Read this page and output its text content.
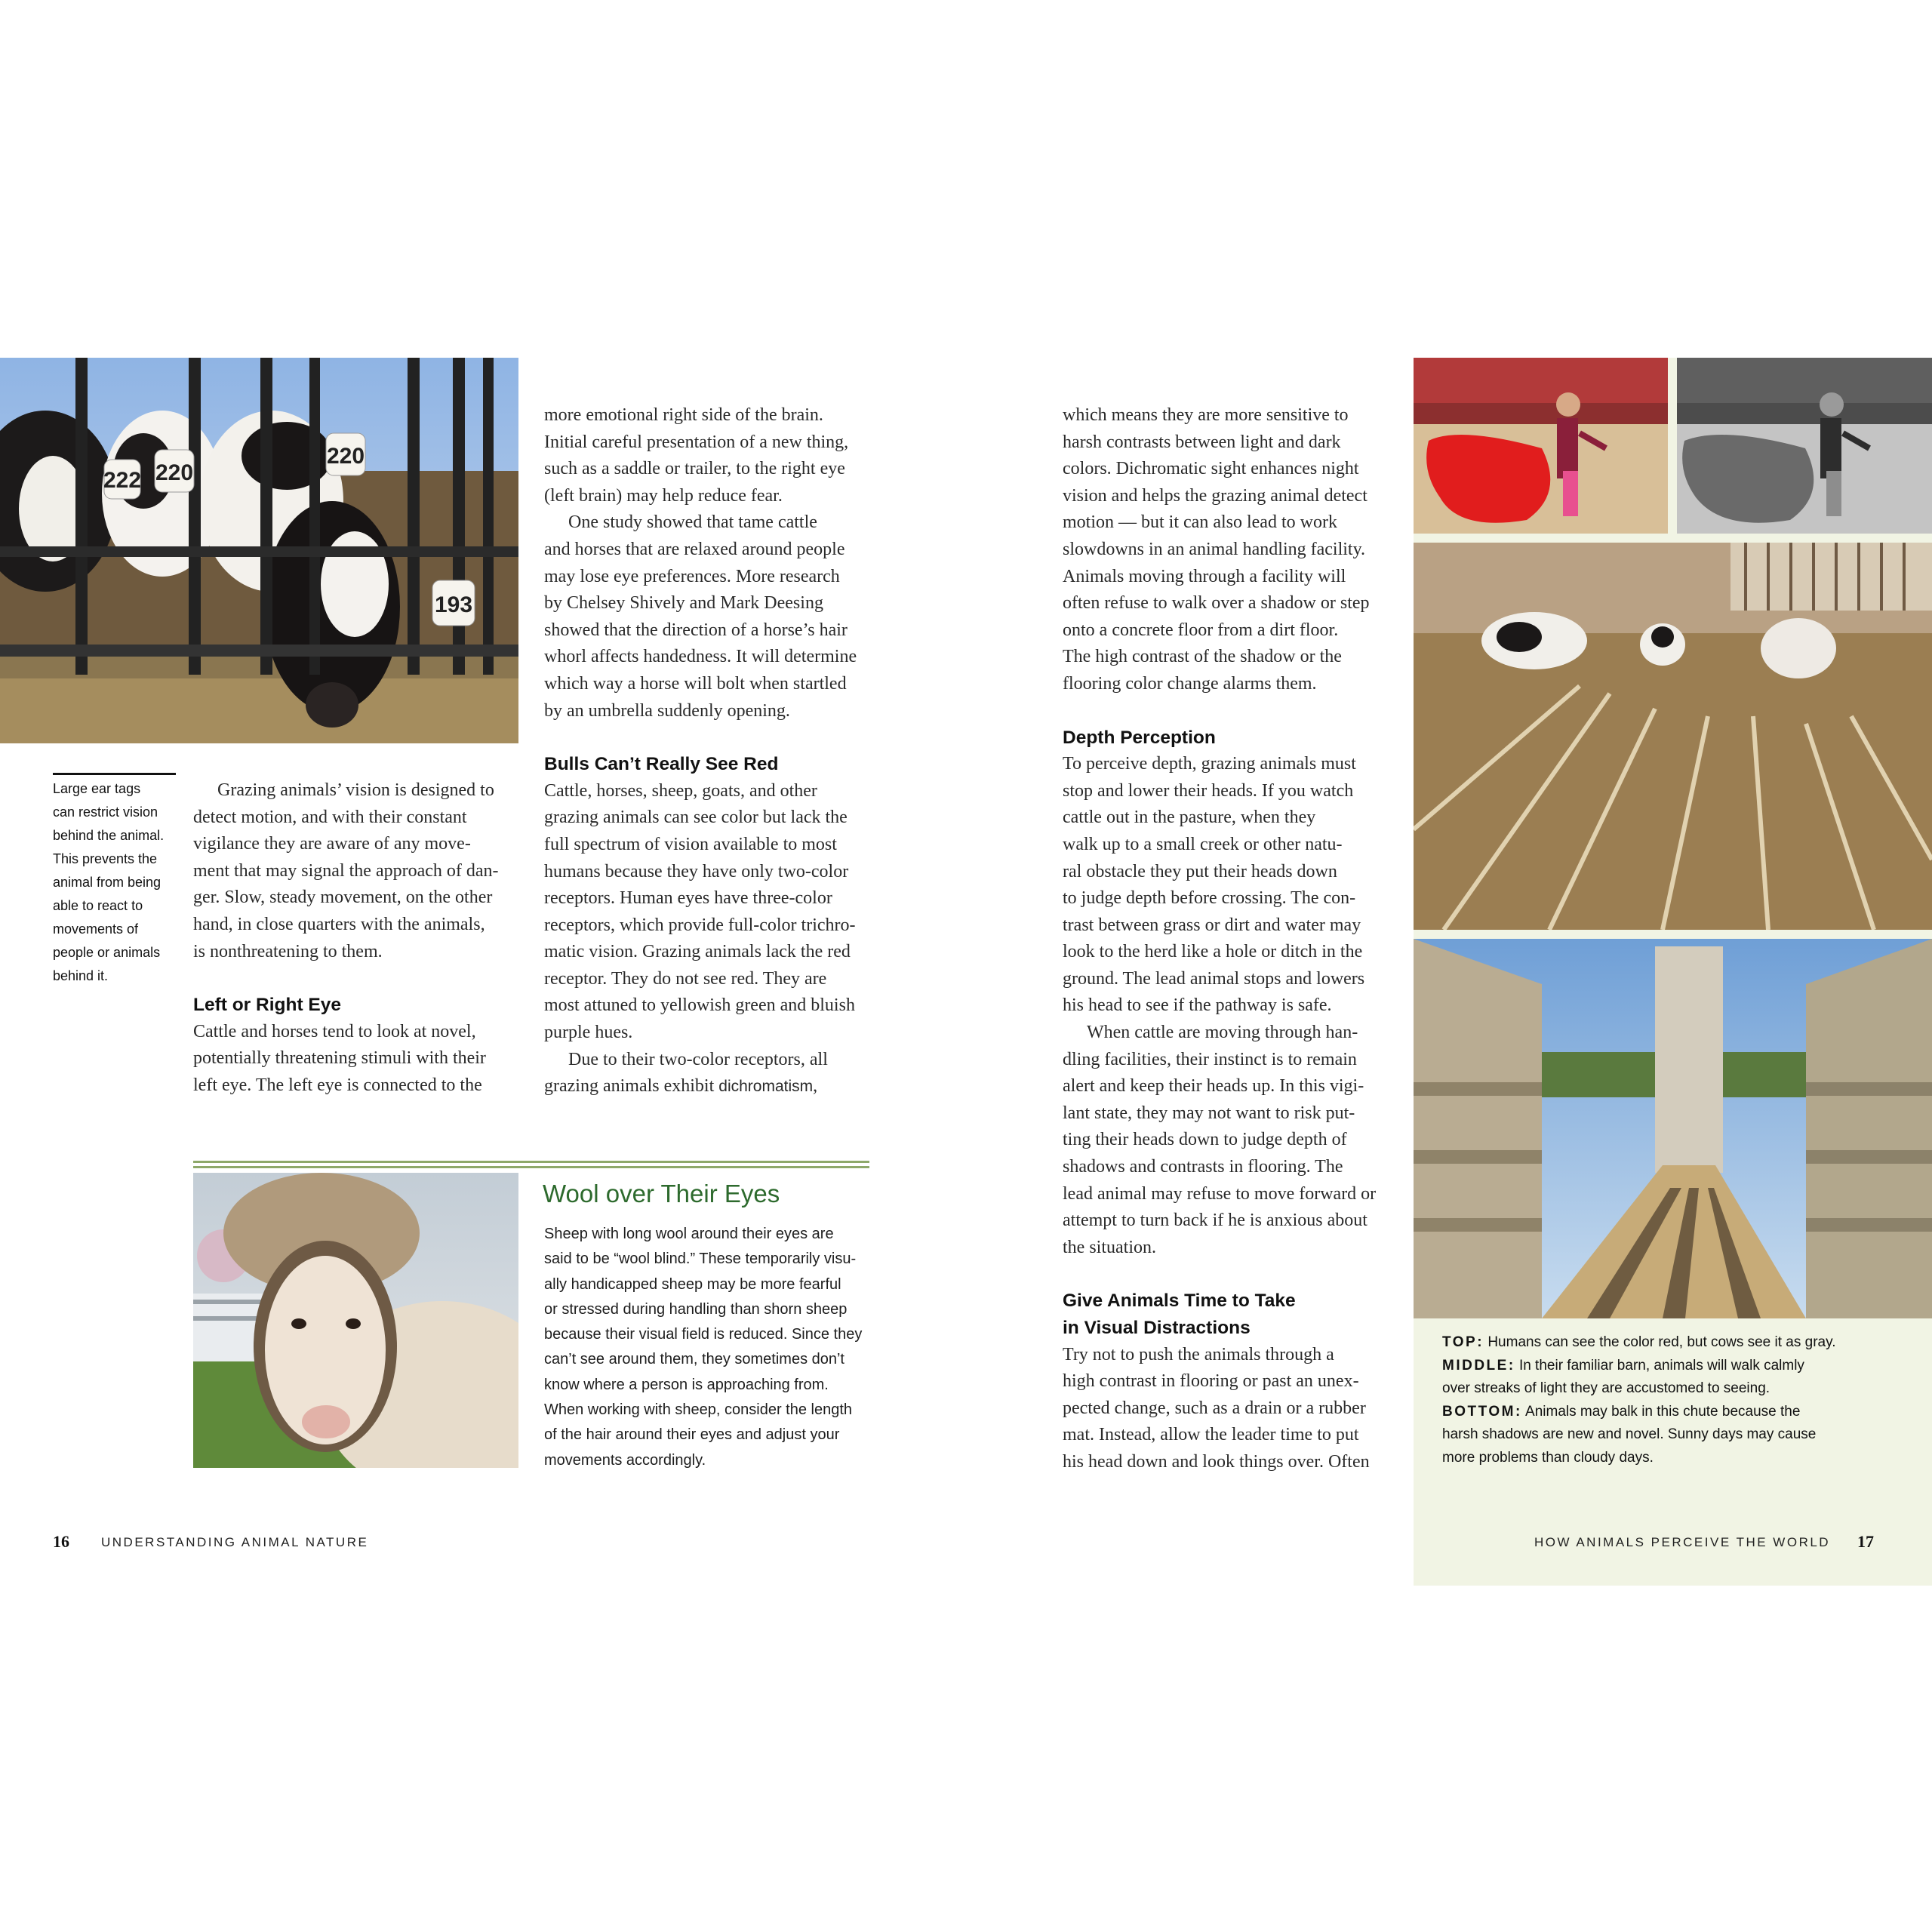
222 220
220
193
Large ear tags
can restrict vision
behind the animal.
This prevents the
animal from being
able to react to
movements of
people or animals
behind it.
Grazing animals’ vision is designed to
detect motion, and with their constant
vigilance they are aware of any move-
ment that may signal the approach of dan-
ger. Slow, steady movement, on the other
hand, in close quarters with the animals,
is nonthreatening to them.
Left or Right Eye
Cattle and horses tend to look at novel,
potentially threatening stimuli with their
left eye. The left eye is connected to the
more emotional right side of the brain.
Initial careful presentation of a new thing,
such as a saddle or trailer, to the right eye
(left brain) may help reduce fear.
One study showed that tame cattle
and horses that are relaxed around people
may lose eye preferences. More research
by Chelsey Shively and Mark Deesing
showed that the direction of a horse’s hair
whorl affects handedness. It will determine
which way a horse will bolt when startled
by an umbrella suddenly opening.
Bulls Can’t Really See Red
Cattle, horses, sheep, goats, and other
grazing animals can see color but lack the
full spectrum of vision available to most
humans because they have only two-color
receptors. Human eyes have three-color
receptors, which provide full-color trichro-
matic vision. Grazing animals lack the red
receptor. They do not see red. They are
most attuned to yellowish green and bluish
purple hues.
Due to their two-color receptors, all
grazing animals exhibit dichromatism,
Wool over Their Eyes
Sheep with long wool around their eyes are
said to be “wool blind.” These temporarily visu-
ally handicapped sheep may be more fearful
or stressed during handling than shorn sheep
because their visual field is reduced. Since they
can’t see around them, they sometimes don’t
know where a person is approaching from.
When working with sheep, consider the length
of the hair around their eyes and adjust your
movements accordingly.
16 UNDERSTANDING ANIMAL NATURE
which means they are more sensitive to
harsh contrasts between light and dark
colors. Dichromatic sight enhances night
vision and helps the grazing animal detect
motion — but it can also lead to work
slowdowns in an animal handling facility.
Animals moving through a facility will
often refuse to walk over a shadow or step
onto a concrete floor from a dirt floor.
The high contrast of the shadow or the
flooring color change alarms them.
Depth Perception
To perceive depth, grazing animals must
stop and lower their heads. If you watch
cattle out in the pasture, when they
walk up to a small creek or other natu-
ral obstacle they put their heads down
to judge depth before crossing. The con-
trast between grass or dirt and water may
look to the herd like a hole or ditch in the
ground. The lead animal stops and lowers
his head to see if the pathway is safe.
When cattle are moving through han-
dling facilities, their instinct is to remain
alert and keep their heads up. In this vigi-
lant state, they may not want to risk put-
ting their heads down to judge depth of
shadows and contrasts in flooring. The
lead animal may refuse to move forward or
attempt to turn back if he is anxious about
the situation.
Give Animals Time to Take
in Visual Distractions
Try not to push the animals through a
high contrast in flooring or past an unex-
pected change, such as a drain or a rubber
mat. Instead, allow the leader time to put
his head down and look things over. Often
TOP: Humans can see the color red, but cows see it as gray.
MIDDLE: In their familiar barn, animals will walk calmly
over streaks of light they are accustomed to seeing.
BOTTOM: Animals may balk in this chute because the
harsh shadows are new and novel. Sunny days may cause
more problems than cloudy days.
HOW ANIMALS PERCEIVE THE WORLD 17
